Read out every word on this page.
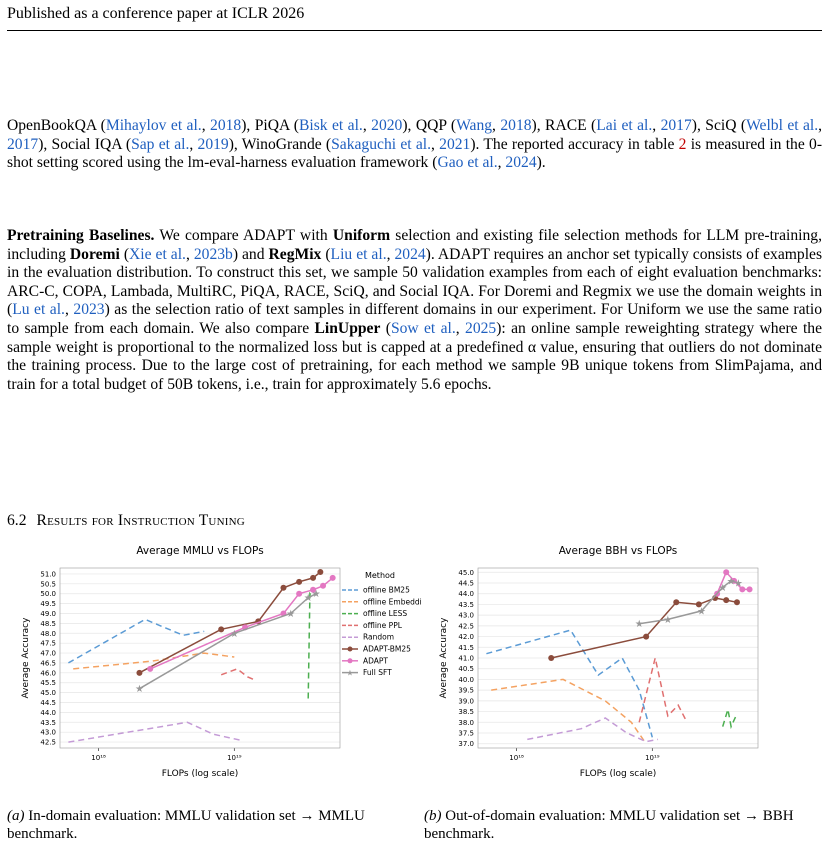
Published as a conference paper at ICLR 2026
OpenBookQA (Mihaylov et al., 2018), PiQA (Bisk et al., 2020), QQP (Wang, 2018), RACE (Lai et al., 2017), SciQ (Welbl et al., 2017), Social IQA (Sap et al., 2019), WinoGrande (Sakaguchi et al., 2021). The reported accuracy in table 2 is measured in the 0-shot setting scored using the lm-eval-harness evaluation framework (Gao et al., 2024).
Pretraining Baselines. We compare ADAPT with Uniform selection and existing file selection methods for LLM pre-training, including Doremi (Xie et al., 2023b) and RegMix (Liu et al., 2024). ADAPT requires an anchor set typically consists of examples in the evaluation distribution. To construct this set, we sample 50 validation examples from each of eight evaluation benchmarks: ARC-C, COPA, Lambada, MultiRC, PiQA, RACE, SciQ, and Social IQA. For Doremi and Regmix we use the domain weights in (Lu et al., 2023) as the selection ratio of text samples in different domains in our experiment. For Uniform we use the same ratio to sample from each domain. We also compare LinUpper (Sow et al., 2025): an online sample reweighting strategy where the sample weight is proportional to the normalized loss but is capped at a predefined α value, ensuring that outliers do not dominate the training process. Due to the large cost of pretraining, for each method we sample 9B unique tokens from SlimPajama, and train for a total budget of 50B tokens, i.e., train for approximately 5.6 epochs.
6.2 Results for Instruction Tuning
Average MMLU vs FLOPs
42.5
43.0
43.5
44.0
44.5
45.0
45.5
46.0
46.5
47.0
47.5
48.0
48.5
49.0
49.5
50.0
50.5
51.0
10¹⁸	10¹⁹
FLOPs (log scale)
Average Accuracy	★
★
★
★
★
Method
offline BM25
offline Embeddi
offline LESS
offline PPL
Random
ADAPT-BM25
ADAPT
★ Full SFT
Average BBH vs FLOPs
37.0
37.5
38.0
38.5
39.0
39.5
40.0
40.5
41.0
41.5
42.0
42.5
43.0
43.5
44.0
44.5
45.0
10¹⁸	10¹⁹
FLOPs (log scale)
Average Accuracy	★ ★
★
★
★
★
(a) In-domain evaluation: MMLU validation set → MMLU benchmark.
(b) Out-of-domain evaluation: MMLU validation set → BBH benchmark.
